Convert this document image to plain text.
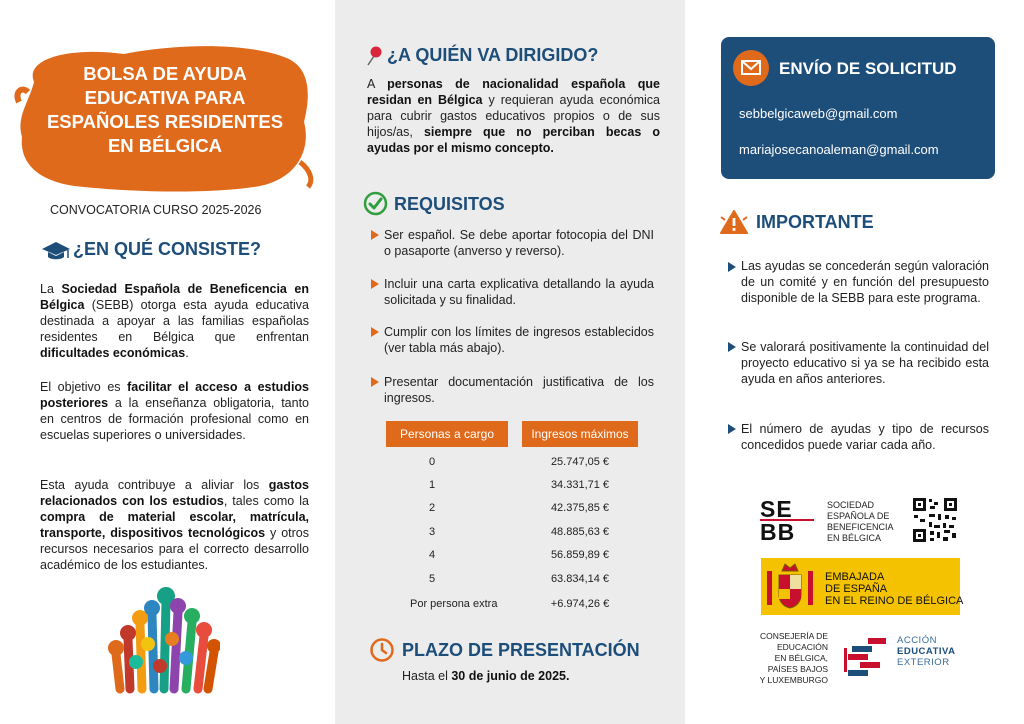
BOLSA DE AYUDA
EDUCATIVA PARA
ESPAÑOLES RESIDENTES
EN BÉLGICA
CONVOCATORIA CURSO 2025-2026
¿EN QUÉ CONSISTE?
La Sociedad Española de Beneficencia en Bélgica (SEBB) otorga esta ayuda educativa destinada a apoyar a las familias españolas residentes en Bélgica que enfrentan dificultades económicas.
El objetivo es facilitar el acceso a estudios posteriores a la enseñanza obligatoria, tanto en centros de formación profesional como en escuelas superiores o universidades.
Esta ayuda contribuye a aliviar los gastos relacionados con los estudios, tales como la compra de material escolar, matrícula, transporte, dispositivos tecnológicos y otros recursos necesarios para el correcto desarrollo académico de los estudiantes.
¿A QUIÉN VA DIRIGIDO?
A personas de nacionalidad española que residan en Bélgica y requieran ayuda económica para cubrir gastos educativos propios o de sus hijos/as, siempre que no perciban becas o ayudas por el mismo concepto.
REQUISITOS
Ser español. Se debe aportar fotocopia del DNI o pasaporte (anverso y reverso).
Incluir una carta explicativa detallando la ayuda solicitada y su finalidad.
Cumplir con los límites de ingresos establecidos (ver tabla más abajo).
Presentar documentación justificativa de los ingresos.
Personas a cargo	Ingresos máximos
0	25.747,05 €
1	34.331,71 €
2	42.375,85 €
3	48.885,63 €
4	56.859,89 €
5	63.834,14 €
Por persona extra	+6.974,26 €
PLAZO DE PRESENTACIÓN
Hasta el 30 de junio de 2025.
ENVÍO DE SOLICITUD
sebbelgicaweb@gmail.com
mariajosecanoaleman@gmail.com
IMPORTANTE
Las ayudas se concederán según valoración de un comité y en función del presupuesto disponible de la SEBB para este programa.
Se valorará positivamente la continuidad del proyecto educativo si ya se ha recibido esta ayuda en años anteriores.
El número de ayudas y tipo de recursos concedidos puede variar cada año.
SE
BB
SOCIEDAD
ESPAÑOLA DE
BENEFICENCIA
EN BÉLGICA
EMBAJADA
DE ESPAÑA
EN EL REINO DE BÉLGICA
CONSEJERÍA DE
EDUCACIÓN
EN BÉLGICA,
PAÍSES BAJOS
Y LUXEMBURGO
ACCIÓN
EDUCATIVA
EXTERIOR
